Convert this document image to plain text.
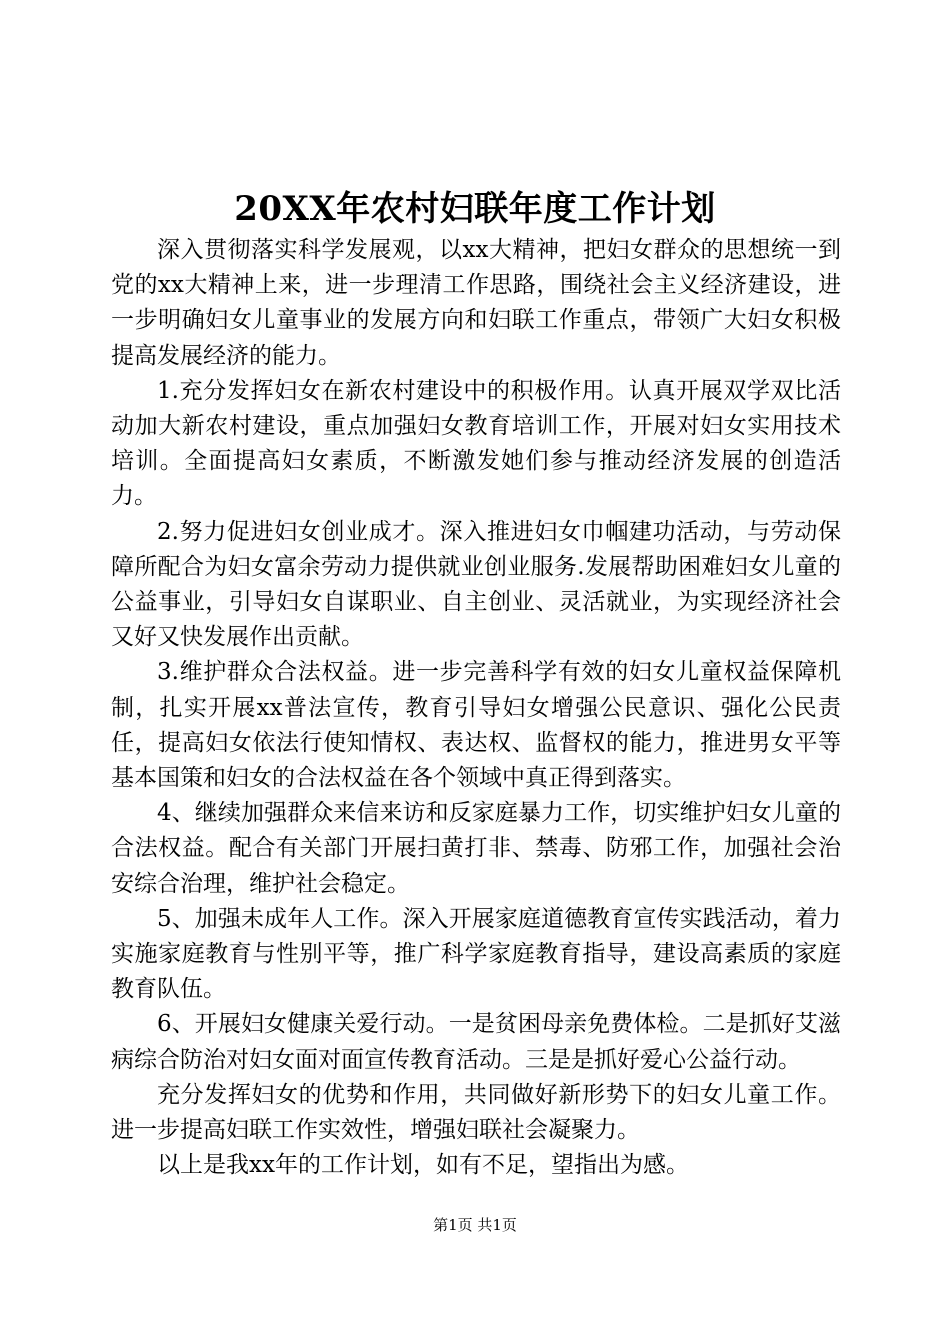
20XX年农村妇联年度工作计划

深入贯彻落实科学发展观，以xx大精神，把妇女群众的思想统一到党的xx大精神上来，进一步理清工作思路，围绕社会主义经济建设，进一步明确妇女儿童事业的发展方向和妇联工作重点，带领广大妇女积极提高发展经济的能力。

1.充分发挥妇女在新农村建设中的积极作用。认真开展双学双比活动加大新农村建设，重点加强妇女教育培训工作，开展对妇女实用技术培训。全面提高妇女素质，不断激发她们参与推动经济发展的创造活力。

2.努力促进妇女创业成才。深入推进妇女巾帼建功活动，与劳动保障所配合为妇女富余劳动力提供就业创业服务.发展帮助困难妇女儿童的公益事业，引导妇女自谋职业、自主创业、灵活就业，为实现经济社会又好又快发展作出贡献。

3.维护群众合法权益。进一步完善科学有效的妇女儿童权益保障机制，扎实开展xx普法宣传，教育引导妇女增强公民意识、强化公民责任，提高妇女依法行使知情权、表达权、监督权的能力，推进男女平等基本国策和妇女的合法权益在各个领域中真正得到落实。

4、继续加强群众来信来访和反家庭暴力工作，切实维护妇女儿童的合法权益。配合有关部门开展扫黄打非、禁毒、防邪工作，加强社会治安综合治理，维护社会稳定。

5、加强未成年人工作。深入开展家庭道德教育宣传实践活动，着力实施家庭教育与性别平等，推广科学家庭教育指导，建设高素质的家庭教育队伍。

6、开展妇女健康关爱行动。一是贫困母亲免费体检。二是抓好艾滋病综合防治对妇女面对面宣传教育活动。三是是抓好爱心公益行动。

充分发挥妇女的优势和作用，共同做好新形势下的妇女儿童工作。进一步提高妇联工作实效性，增强妇联社会凝聚力。

以上是我xx年的工作计划，如有不足，望指出为感。

第1页 共1页
